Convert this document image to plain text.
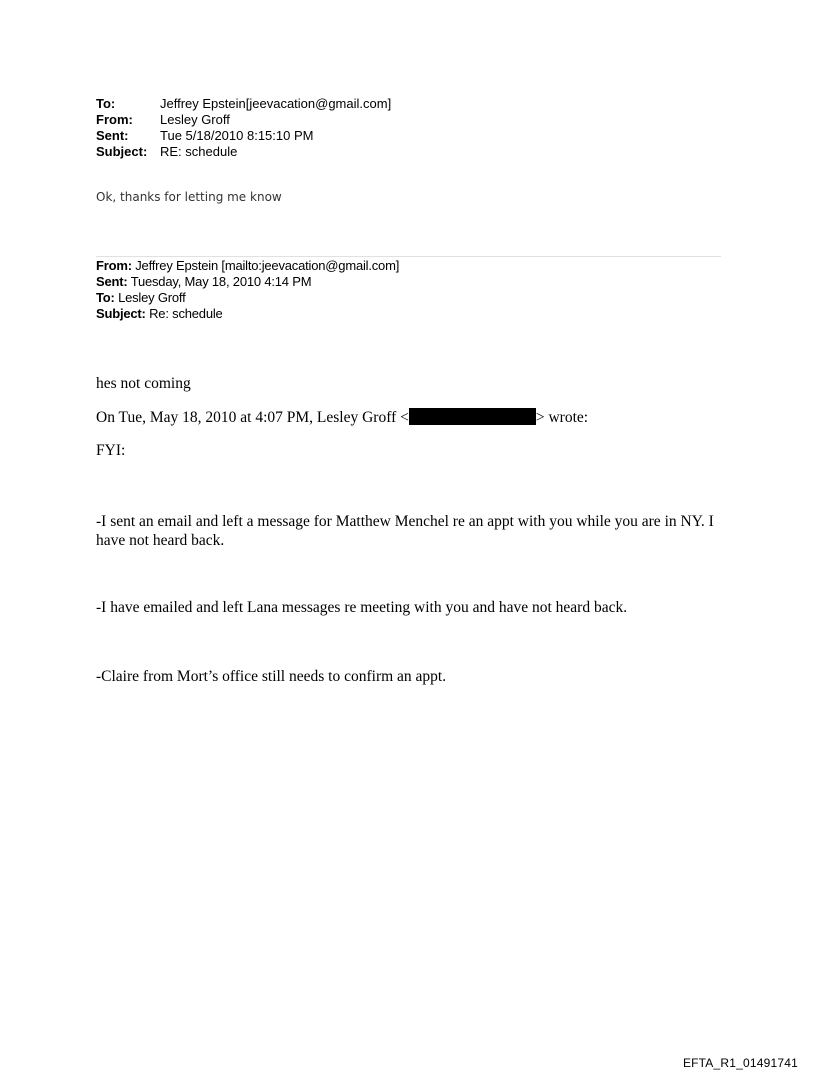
To:	Jeffrey Epstein[jeevacation@gmail.com]
From:	Lesley Groff
Sent:	Tue 5/18/2010 8:15:10 PM
Subject: RE: schedule
Ok, thanks for letting me know
From: Jeffrey Epstein [mailto:jeevacation@gmail.com]
Sent: Tuesday, May 18, 2010 4:14 PM
To: Lesley Groff
Subject: Re: schedule
hes not coming
On Tue, May 18, 2010 at 4:07 PM, Lesley Groff <	> wrote:
FYI:
-I sent an email and left a message for Matthew Menchel re an appt with you while you are in NY. I have not heard back.
-I have emailed and left Lana messages re meeting with you and have not heard back.
-Claire from Mort’s office still needs to confirm an appt.
EFTA_R1_01491741
